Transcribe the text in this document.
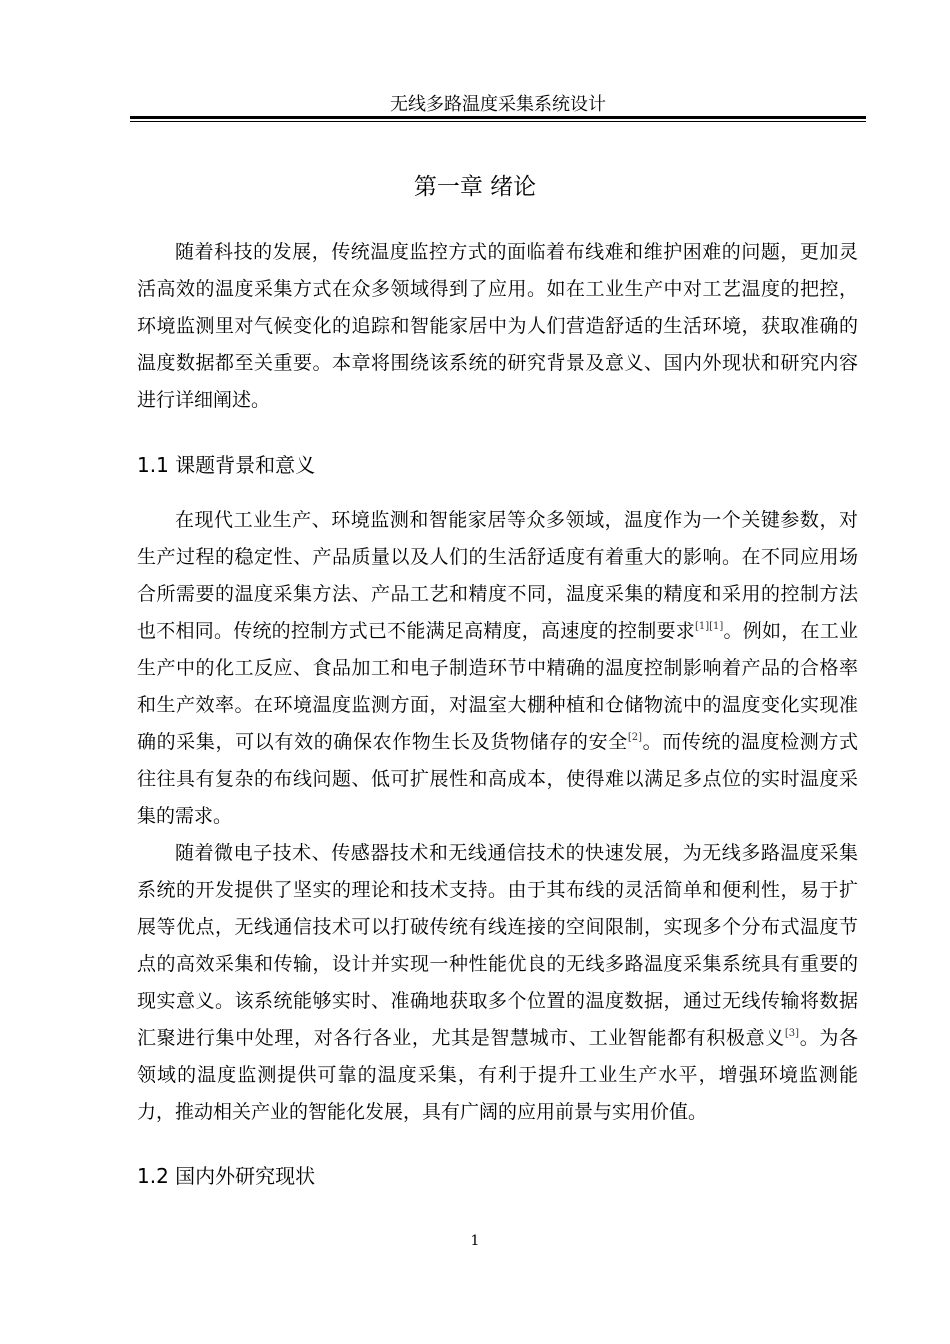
无线多路温度采集系统设计
第一章 绪论
随着科技的发展，传统温度监控方式的面临着布线难和维护困难的问题，更加灵
活高效的温度采集方式在众多领域得到了应用。如在工业生产中对工艺温度的把控，
环境监测里对气候变化的追踪和智能家居中为人们营造舒适的生活环境，获取准确的
温度数据都至关重要。本章将围绕该系统的研究背景及意义、国内外现状和研究内容
进行详细阐述。
1.1 课题背景和意义
在现代工业生产、环境监测和智能家居等众多领域，温度作为一个关键参数，对
生产过程的稳定性、产品质量以及人们的生活舒适度有着重大的影响。在不同应用场
合所需要的温度采集方法、产品工艺和精度不同，温度采集的精度和采用的控制方法
也不相同。传统的控制方式已不能满足高精度，高速度的控制要求[1][1]。例如，在工业
生产中的化工反应、食品加工和电子制造环节中精确的温度控制影响着产品的合格率
和生产效率。在环境温度监测方面，对温室大棚种植和仓储物流中的温度变化实现准
确的采集，可以有效的确保农作物生长及货物储存的安全[2]。而传统的温度检测方式
往往具有复杂的布线问题、低可扩展性和高成本，使得难以满足多点位的实时温度采
集的需求。
随着微电子技术、传感器技术和无线通信技术的快速发展，为无线多路温度采集
系统的开发提供了坚实的理论和技术支持。由于其布线的灵活简单和便利性，易于扩
展等优点，无线通信技术可以打破传统有线连接的空间限制，实现多个分布式温度节
点的高效采集和传输，设计并实现一种性能优良的无线多路温度采集系统具有重要的
现实意义。该系统能够实时、准确地获取多个位置的温度数据，通过无线传输将数据
汇聚进行集中处理，对各行各业，尤其是智慧城市、工业智能都有积极意义[3]。为各
领域的温度监测提供可靠的温度采集，有利于提升工业生产水平，增强环境监测能
力，推动相关产业的智能化发展，具有广阔的应用前景与实用价值。
1.2 国内外研究现状
1
